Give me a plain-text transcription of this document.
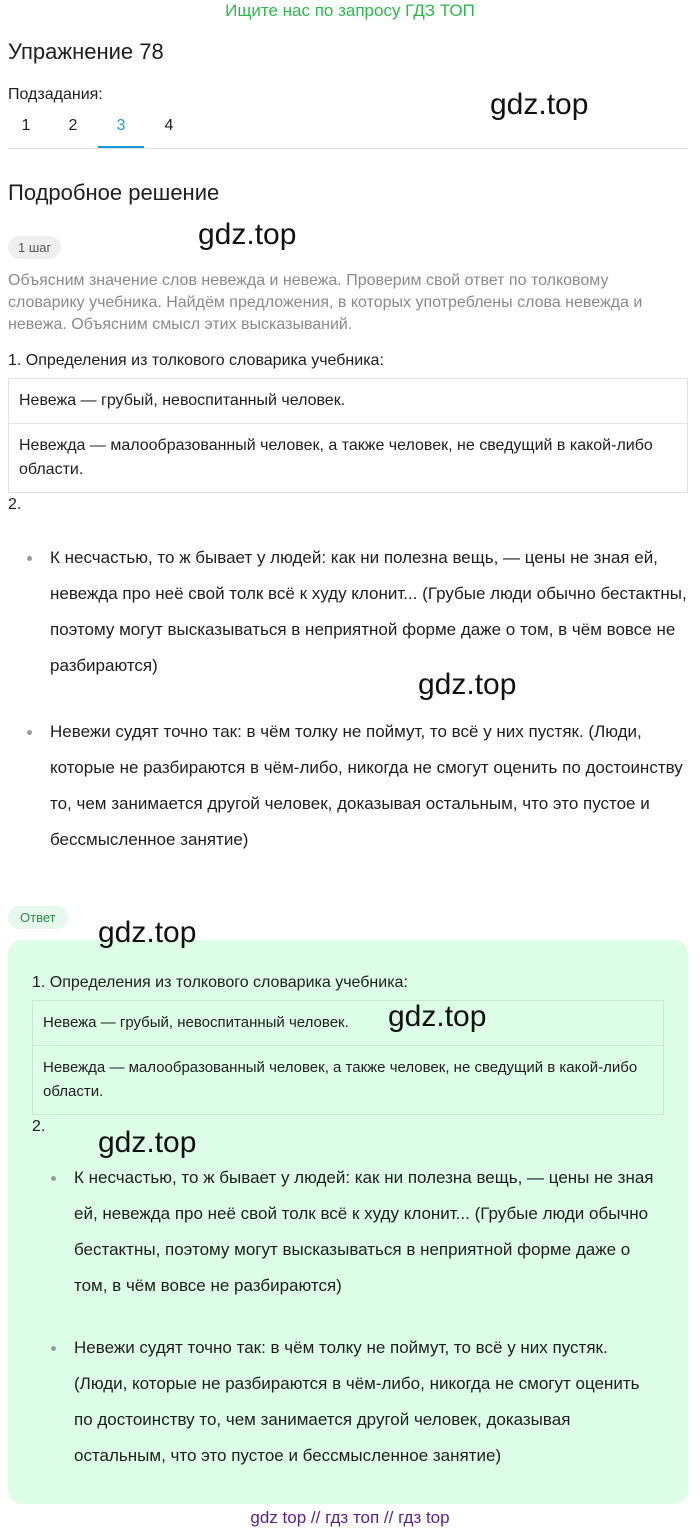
Ищите нас по запросу ГДЗ ТОП
Упражнение 78
Подзадания:
1	2	3	4
gdz.top
gdz.top
gdz.top
Подробное решение
1 шаг
Объясним значение слов невежда и невежа. Проверим свой ответ по толковому словарику учебника. Найдём предложения, в которых употреблены слова невежда и невежа. Объясним смысл этих высказываний.
1. Определения из толкового словарика учебника:
Невежа — грубый, невоспитанный человек.
Невежда — малообразованный человек, а также человек, не сведущий в какой-либо области.
2.
К несчастью, то ж бывает у людей: как ни полезна вещь, — цены не зная ей, невежда про неё свой толк всё к худу клонит... (Грубые люди обычно бестактны, поэтому могут высказываться в неприятной форме даже о том, в чём вовсе не разбираются)
Невежи судят точно так: в чём толку не поймут, то всё у них пустяк. (Люди, которые не разбираются в чём-либо, никогда не смогут оценить по достоинству то, чем занимается другой человек, доказывая остальным, что это пустое и бессмысленное занятие)
Ответ
1. Определения из толкового словарика учебника:
Невежа — грубый, невоспитанный человек.
Невежда — малообразованный человек, а также человек, не сведущий в какой-либо области.
2.
К несчастью, то ж бывает у людей: как ни полезна вещь, — цены не зная ей, невежда про неё свой толк всё к худу клонит... (Грубые люди обычно бестактны, поэтому могут высказываться в неприятной форме даже о том, в чём вовсе не разбираются)
Невежи судят точно так: в чём толку не поймут, то всё у них пустяк. (Люди, которые не разбираются в чём-либо, никогда не смогут оценить по достоинству то, чем занимается другой человек, доказывая остальным, что это пустое и бессмысленное занятие)
gdz.top
gdz.top
gdz.top
gdz top // гдз топ // гдз top
